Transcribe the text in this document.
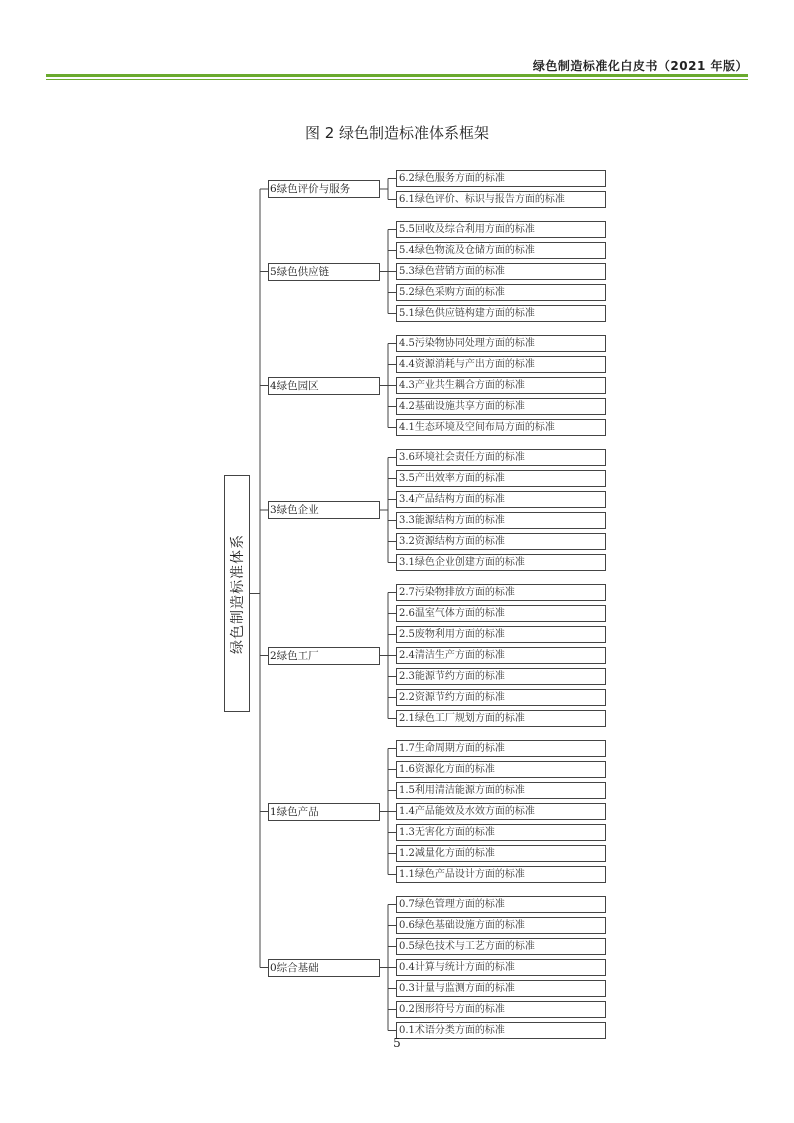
绿色制造标准化白皮书（2021 年版）
图 2 绿色制造标准体系框架
绿色制造标准体系
6.2绿色服务方面的标准
6.1绿色评价、标识与报告方面的标准
6绿色评价与服务
5.5回收及综合利用方面的标准
5.4绿色物流及仓储方面的标准
5.3绿色营销方面的标准
5.2绿色采购方面的标准
5.1绿色供应链构建方面的标准
5绿色供应链
4.5污染物协同处理方面的标准
4.4资源消耗与产出方面的标准
4.3产业共生耦合方面的标准
4.2基础设施共享方面的标准
4.1生态环境及空间布局方面的标准
4绿色园区
3.6环境社会责任方面的标准
3.5产出效率方面的标准
3.4产品结构方面的标准
3.3能源结构方面的标准
3.2资源结构方面的标准
3.1绿色企业创建方面的标准
3绿色企业
2.7污染物排放方面的标准
2.6温室气体方面的标准
2.5废物利用方面的标准
2.4清洁生产方面的标准
2.3能源节约方面的标准
2.2资源节约方面的标准
2.1绿色工厂规划方面的标准
2绿色工厂
1.7生命周期方面的标准
1.6资源化方面的标准
1.5利用清洁能源方面的标准
1.4产品能效及水效方面的标准
1.3无害化方面的标准
1.2减量化方面的标准
1.1绿色产品设计方面的标准
1绿色产品
0.7绿色管理方面的标准
0.6绿色基础设施方面的标准
0.5绿色技术与工艺方面的标准
0.4计算与统计方面的标准
0.3计量与监测方面的标准
0.2图形符号方面的标准
0.1术语分类方面的标准
0综合基础
5
